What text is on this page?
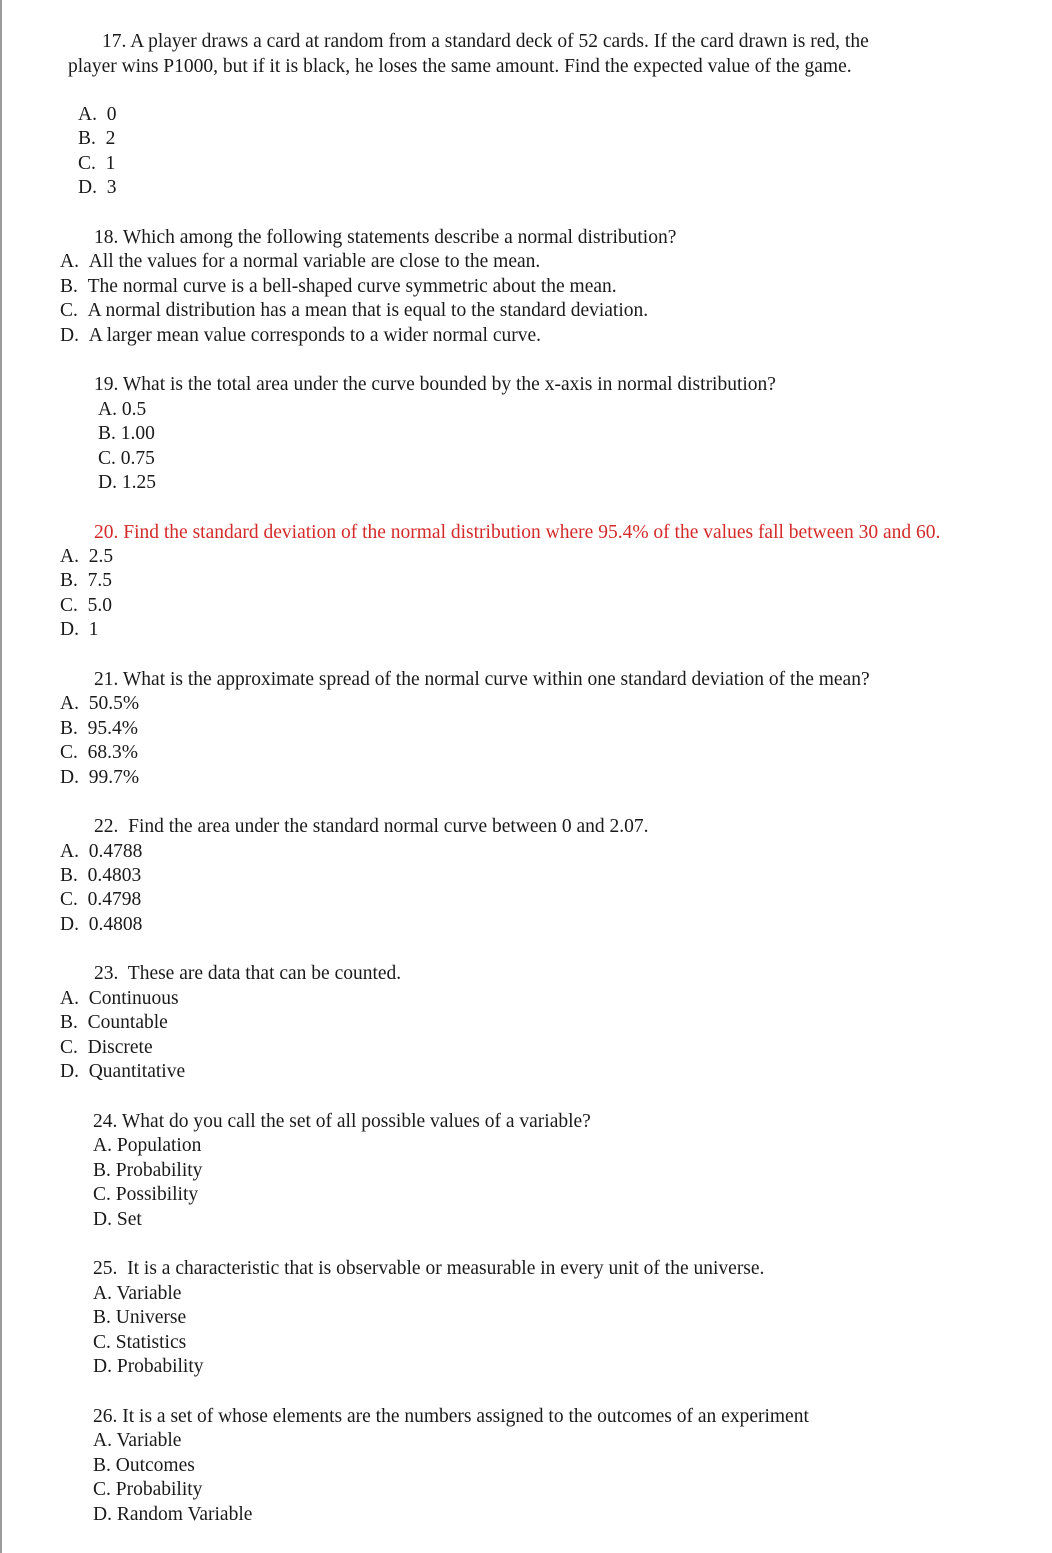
17. A player draws a card at random from a standard deck of 52 cards. If the card drawn is red, the
player wins P1000, but if it is black, he loses the same amount. Find the expected value of the game.
A. 0
B. 2
C. 1
D. 3
18. Which among the following statements describe a normal distribution?
A. All the values for a normal variable are close to the mean.
B. The normal curve is a bell-shaped curve symmetric about the mean.
C. A normal distribution has a mean that is equal to the standard deviation.
D. A larger mean value corresponds to a wider normal curve.
19. What is the total area under the curve bounded by the x-axis in normal distribution?
A. 0.5
B. 1.00
C. 0.75
D. 1.25
20. Find the standard deviation of the normal distribution where 95.4% of the values fall between 30 and 60.
A. 2.5
B. 7.5
C. 5.0
D. 1
21. What is the approximate spread of the normal curve within one standard deviation of the mean?
A. 50.5%
B. 95.4%
C. 68.3%
D. 99.7%
22. Find the area under the standard normal curve between 0 and 2.07.
A. 0.4788
B. 0.4803
C. 0.4798
D. 0.4808
23. These are data that can be counted.
A. Continuous
B. Countable
C. Discrete
D. Quantitative
24. What do you call the set of all possible values of a variable?
A. Population
B. Probability
C. Possibility
D. Set
25. It is a characteristic that is observable or measurable in every unit of the universe.
A. Variable
B. Universe
C. Statistics
D. Probability
26. It is a set of whose elements are the numbers assigned to the outcomes of an experiment
A. Variable
B. Outcomes
C. Probability
D. Random Variable
